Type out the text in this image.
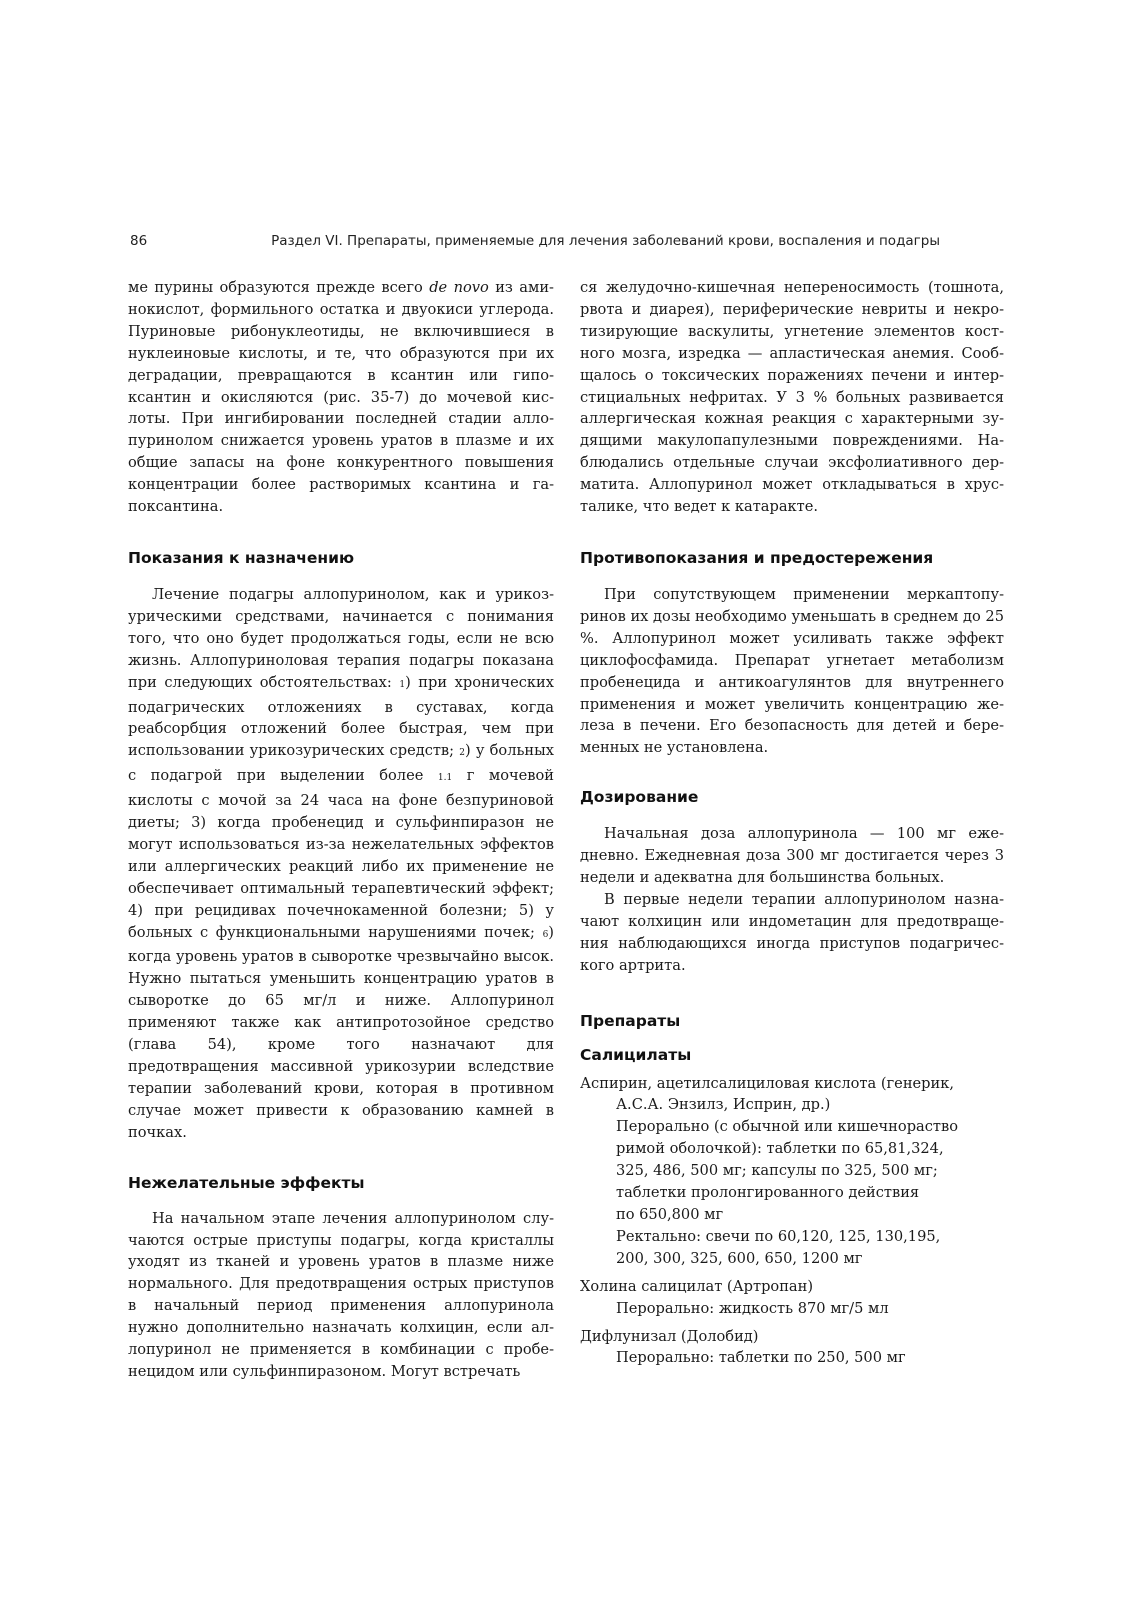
86	Раздел VI. Препараты, применяемые для лечения заболеваний крови, воспаления и подагры

ме пурины образуются прежде всего de novo из аминокислот, формильного остатка и двуокиси углерода. Пуриновые рибонуклеотиды, не включившиеся в нуклеиновые кислоты, и те, что образуются при их деградации, превращаются в ксантин или гипоксантин и окисляются (рис. 35-7) до мочевой кислоты. При ингибировании последней стадии аллопуринолом снижается уровень уратов в плазме и их общие запасы на фоне конкурентного повышения концентрации более растворимых ксантина и гапоксантина.

Показания к назначению

Лечение подагры аллопуринолом, как и урикозурическими средствами, начинается с понимания того, что оно будет продолжаться годы, если не всю жизнь. Аллопуриноловая терапия подагры показана при следующих обстоятельствах: 1) при хронических подагрических отложениях в суставах, когда реабсорбция отложений более быстрая, чем при использовании урикозурических средств; 2) у больных с подагрой при выделении более 1.1 г мочевой кислоты с мочой за 24 часа на фоне безпуриновой диеты; 3) когда пробенецид и сульфинпиразон не могут использоваться из-за нежелательных эффектов или аллергических реакций либо их применение не обеспечивает оптимальный терапевтический эффект; 4) при рецидивах почечнокаменной болезни; 5) у больных с функциональными нарушениями почек; 6) когда уровень уратов в сыворотке чрезвычайно высок. Нужно пытаться уменьшить концентрацию уратов в сыворотке до 65 мг/л и ниже. Аллопуринол применяют также как антипротозойное средство (глава 54), кроме того назначают для предотвращения массивной урикозурии вследствие терапии заболеваний крови, которая в противном случае может привести к образованию камней в почках.

Нежелательные эффекты

На начальном этапе лечения аллопуринолом случаются острые приступы подагры, когда кристаллы уходят из тканей и уровень уратов в плазме ниже нормального. Для предотвращения острых приступов в начальный период применения аллопуринола нужно дополнительно назначать колхицин, если аллопуринол не применяется в комбинации с пробенецидом или сульфинпиразоном. Могут встречать

ся желудочно-кишечная непереносимость (тошнота, рвота и диарея), периферические невриты и некротизирующие васкулиты, угнетение элементов костного мозга, изредка — апластическая анемия. Сообщалось о токсических поражениях печени и интерстициальных нефритах. У 3 % больных развивается аллергическая кожная реакция с характерными зудящими макулопапулезными повреждениями. Наблюдались отдельные случаи эксфолиативного дерматита. Аллопуринол может откладываться в хрусталике, что ведет к катаракте.

Противопоказания и предостережения

При сопутствующем применении меркаптопуринов их дозы необходимо уменьшать в среднем до 25 %. Аллопуринол может усиливать также эффект циклофосфамида. Препарат угнетает метаболизм пробенецида и антикоагулянтов для внутреннего применения и может увеличить концентрацию железа в печени. Его безопасность для детей и беременных не установлена.

Дозирование

Начальная доза аллопуринола — 100 мг ежедневно. Ежедневная доза 300 мг достигается через 3 недели и адекватна для большинства больных.

В первые недели терапии аллопуринолом назначают колхицин или индометацин для предотвращения наблюдающихся иногда приступов подагрического артрита.

Препараты
Салицилаты

Аспирин, ацетилсалициловая кислота (генерик,

А.С.А. Энзилз, Исприн, др.)

Перорально (с обычной или кишечнораство

римой оболочкой): таблетки по 65,81,324,

325, 486, 500 мг; капсулы по 325, 500 мг;

таблетки пролонгированного действия

по 650,800 мг

Ректально: свечи по 60,120, 125, 130,195,

200, 300, 325, 600, 650, 1200 мг

Холина салицилат (Артропан)

Перорально: жидкость 870 мг/5 мл

Дифлунизал (Долобид)

Перорально: таблетки по 250, 500 мг
